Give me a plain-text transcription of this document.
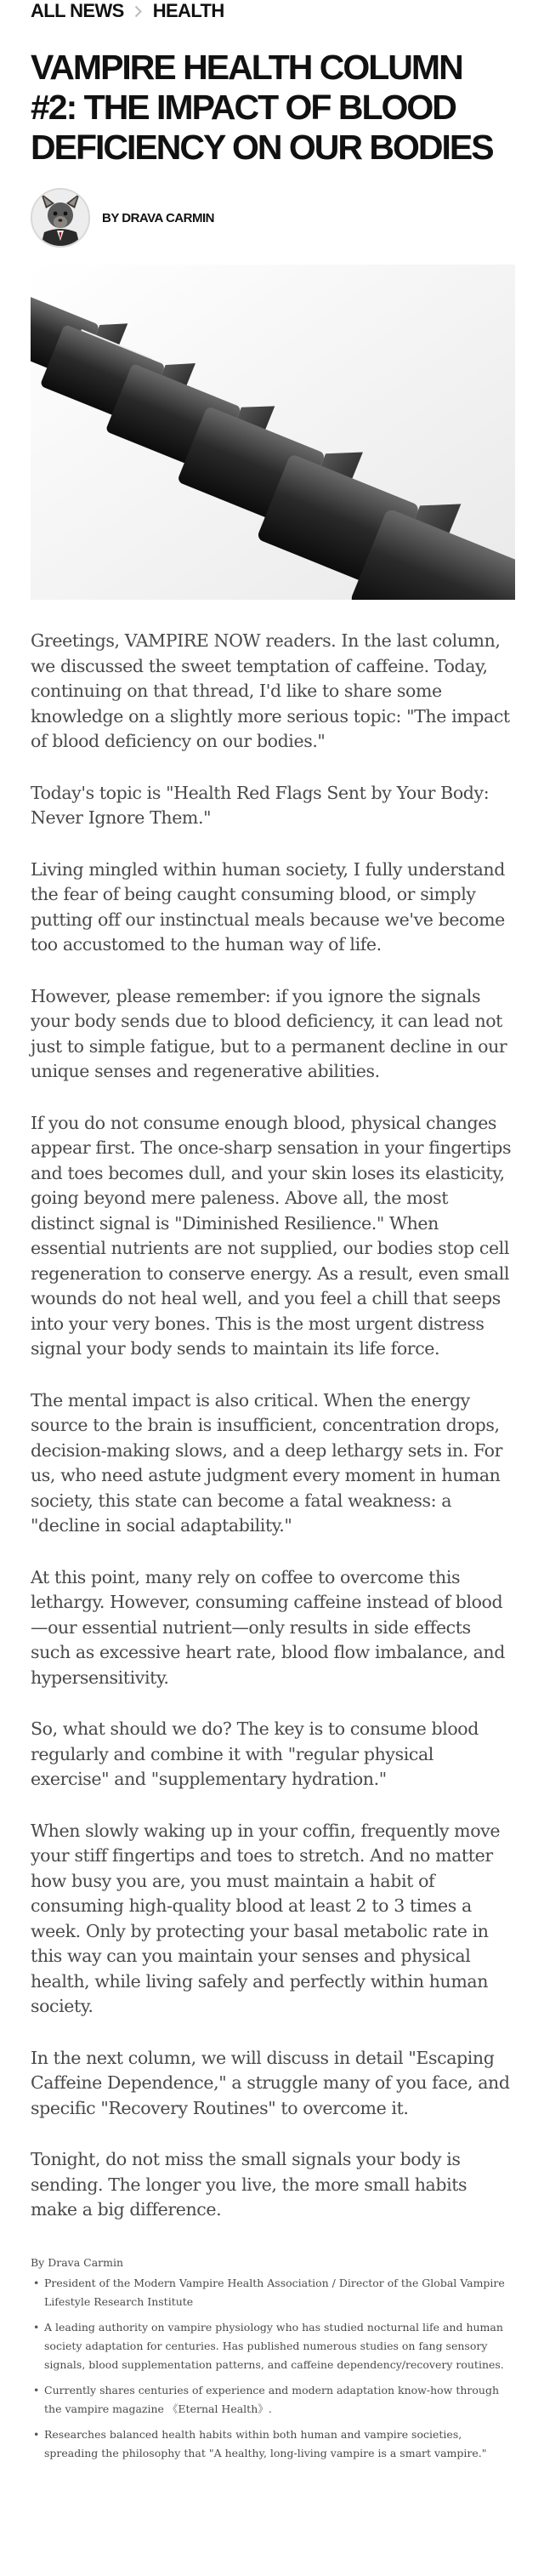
ALL NEWS HEALTH
VAMPIRE HEALTH COLUMN #2: THE IMPACT OF BLOOD DEFICIENCY ON OUR BODIES
BY DRAVA CARMIN

Greetings, VAMPIRE NOW readers. In the last column, we discussed the sweet temptation of caffeine. Today, continuing on that thread, I'd like to share some knowledge on a slightly more serious topic: "The impact of blood deficiency on our bodies."

Today's topic is "Health Red Flags Sent by Your Body: Never Ignore Them."

Living mingled within human society, I fully understand the fear of being caught consuming blood, or simply putting off our instinctual meals because we've become too accustomed to the human way of life.

However, please remember: if you ignore the signals your body sends due to blood deficiency, it can lead not just to simple fatigue, but to a permanent decline in our unique senses and regenerative abilities.

If you do not consume enough blood, physical changes appear first. The once-sharp sensation in your fingertips and toes becomes dull, and your skin loses its elasticity, going beyond mere paleness. Above all, the most distinct signal is "Diminished Resilience." When essential nutrients are not supplied, our bodies stop cell regeneration to conserve energy. As a result, even small wounds do not heal well, and you feel a chill that seeps into your very bones. This is the most urgent distress signal your body sends to maintain its life force.

The mental impact is also critical. When the energy source to the brain is insufficient, concentration drops, decision-making slows, and a deep lethargy sets in. For us, who need astute judgment every moment in human society, this state can become a fatal weakness: a "decline in social adaptability."

At this point, many rely on coffee to overcome this lethargy. However, consuming caffeine instead of blood—our essential nutrient—only results in side effects such as excessive heart rate, blood flow imbalance, and hypersensitivity.

So, what should we do? The key is to consume blood regularly and combine it with "regular physical exercise" and "supplementary hydration."

When slowly waking up in your coffin, frequently move your stiff fingertips and toes to stretch. And no matter how busy you are, you must maintain a habit of consuming high-quality blood at least 2 to 3 times a week. Only by protecting your basal metabolic rate in this way can you maintain your senses and physical health, while living safely and perfectly within human society.

In the next column, we will discuss in detail "Escaping Caffeine Dependence," a struggle many of you face, and specific "Recovery Routines" to overcome it.

Tonight, do not miss the small signals your body is sending. The longer you live, the more small habits make a big difference.

By Drava Carmin

• President of the Modern Vampire Health Association / Director of the Global Vampire Lifestyle Research Institute
• A leading authority on vampire physiology who has studied nocturnal life and human society adaptation for centuries. Has published numerous studies on fang sensory signals, blood supplementation patterns, and caffeine dependency/recovery routines.
• Currently shares centuries of experience and modern adaptation know-how through the vampire magazine 《Eternal Health》.
• Researches balanced health habits within both human and vampire societies, spreading the philosophy that "A healthy, long-living vampire is a smart vampire."
